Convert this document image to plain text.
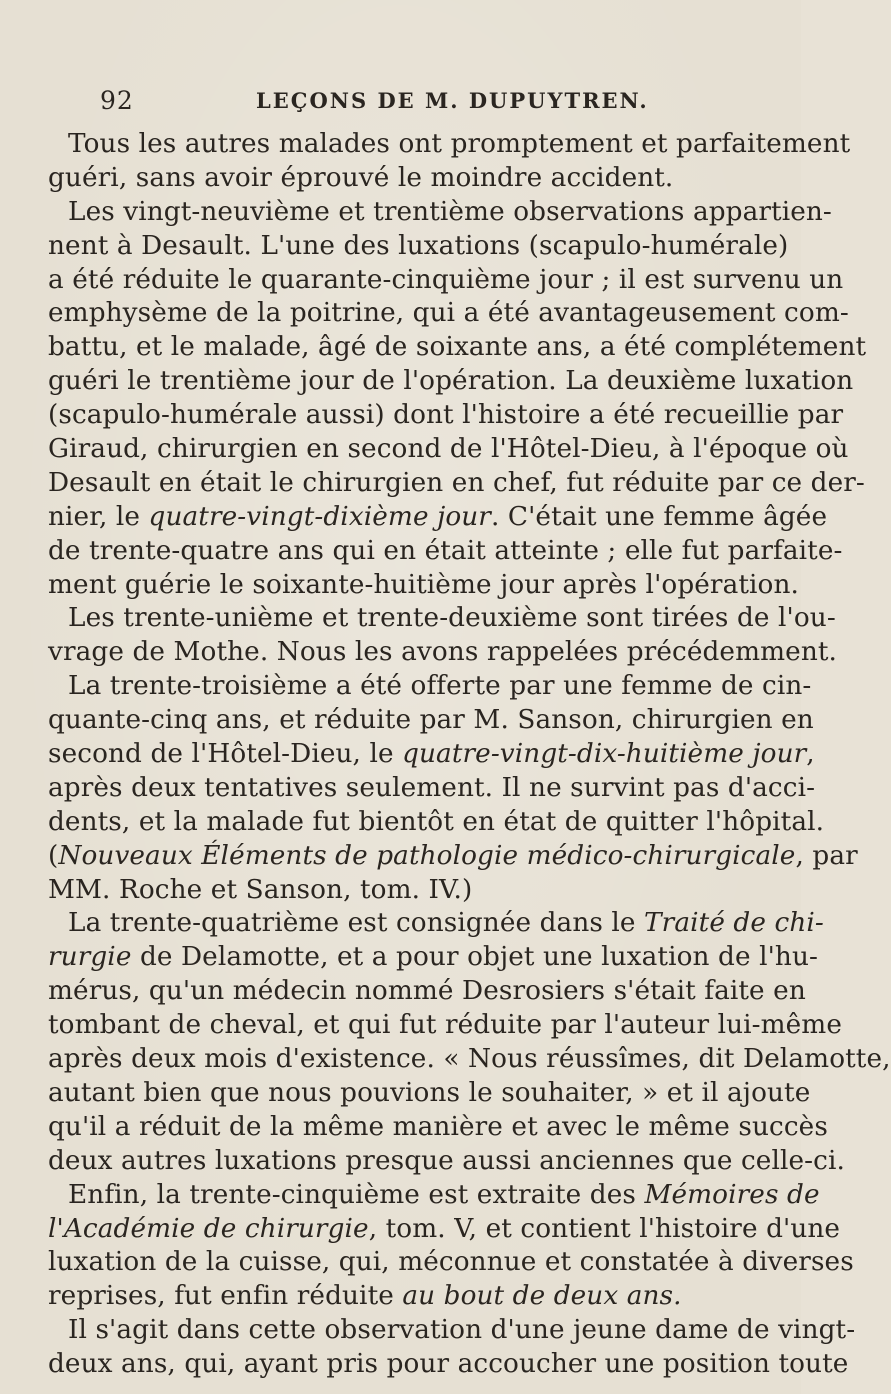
92	LEÇONS DE M. DUPUYTREN.
Tous les autres malades ont promptement et parfaitement
guéri, sans avoir éprouvé le moindre accident.
Les vingt-neuvième et trentième observations appartien-
nent à Desault. L'une des luxations (scapulo-humérale)
a été réduite le quarante-cinquième jour ; il est survenu un
emphysème de la poitrine, qui a été avantageusement com-
battu, et le malade, âgé de soixante ans, a été complétement
guéri le trentième jour de l'opération. La deuxième luxation
(scapulo-humérale aussi) dont l'histoire a été recueillie par
Giraud, chirurgien en second de l'Hôtel-Dieu, à l'époque où
Desault en était le chirurgien en chef, fut réduite par ce der-
nier, le quatre-vingt-dixième jour. C'était une femme âgée
de trente-quatre ans qui en était atteinte ; elle fut parfaite-
ment guérie le soixante-huitième jour après l'opération.
Les trente-unième et trente-deuxième sont tirées de l'ou-
vrage de Mothe. Nous les avons rappelées précédemment.
La trente-troisième a été offerte par une femme de cin-
quante-cinq ans, et réduite par M. Sanson, chirurgien en
second de l'Hôtel-Dieu, le quatre-vingt-dix-huitième jour,
après deux tentatives seulement. Il ne survint pas d'acci-
dents, et la malade fut bientôt en état de quitter l'hôpital.
(Nouveaux Éléments de pathologie médico-chirurgicale, par
MM. Roche et Sanson, tom. IV.)
La trente-quatrième est consignée dans le Traité de chi-
rurgie de Delamotte, et a pour objet une luxation de l'hu-
mérus, qu'un médecin nommé Desrosiers s'était faite en
tombant de cheval, et qui fut réduite par l'auteur lui-même
après deux mois d'existence. « Nous réussîmes, dit Delamotte,
autant bien que nous pouvions le souhaiter, » et il ajoute
qu'il a réduit de la même manière et avec le même succès
deux autres luxations presque aussi anciennes que celle-ci.
Enfin, la trente-cinquième est extraite des Mémoires de
l'Académie de chirurgie, tom. V, et contient l'histoire d'une
luxation de la cuisse, qui, méconnue et constatée à diverses
reprises, fut enfin réduite au bout de deux ans.
Il s'agit dans cette observation d'une jeune dame de vingt-
deux ans, qui, ayant pris pour accoucher une position toute
